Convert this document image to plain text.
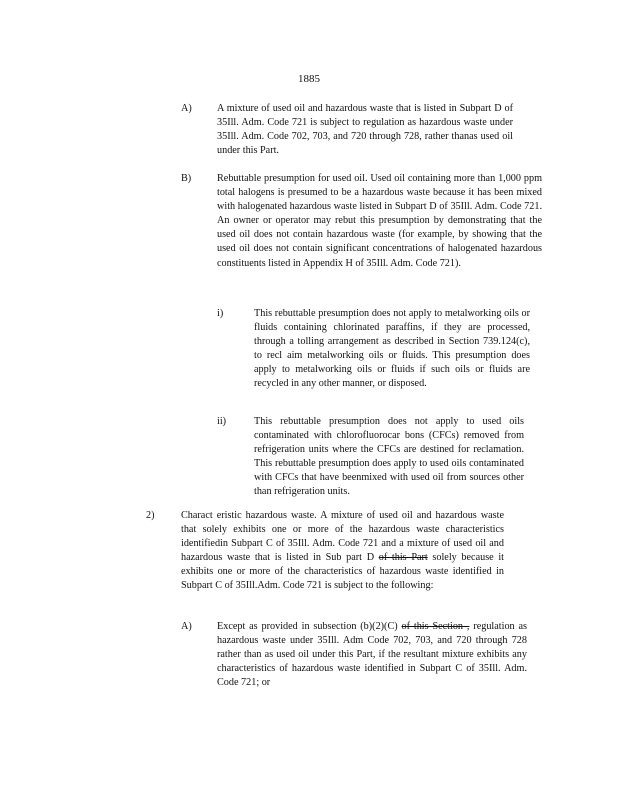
1885
A) A mixture of used oil and hazardous waste that is listed in Subpart D of 35Ill. Adm. Code 721 is subject to regulation as hazardous waste under 35Ill. Adm. Code 702, 703, and 720 through 728, rather thanas used oil under this Part.
B)	Rebuttable presumption for used oil. Used oil containing more than 1,000 ppm total halogens is presumed to be a hazardous waste because it has been mixed with halogenated hazardous waste listed in Subpart D of 35Ill. Adm. Code 721. An owner or operator may rebut this presumption by demonstrating that the used oil does not contain hazardous waste (for example, by showing that the used oil does not contain significant concentrations of halogenated hazardous constituents listed in Appendix H of 35Ill. Adm. Code 721).
i)	This rebuttable presumption does not apply to metalworking oils or fluids containing chlorinated paraffins, if they are processed, through a tolling arrangement as described in Section 739.124(c), to recl aim metalworking oils or fluids. This presumption does apply to metalworking oils or fluids if such oils or fluids are recycled in any other manner, or disposed.
ii)	This rebuttable presumption does not apply to used oils contaminated with chlorofluorocar bons (CFCs) removed from refrigeration units where the CFCs are destined for reclamation. This rebuttable presumption does apply to used oils contaminated with CFCs that have beenmixed with used oil from sources other than refrigeration units.
2)	Charact eristic hazardous waste. A mixture of used oil and hazardous waste that solely exhibits one or more of the hazardous waste characteristics identifiedin Subpart C of 35Ill. Adm. Code 721 and a mixture of used oil and hazardous waste that is listed in Sub part D of this Part solely because it exhibits one or more of the characteristics of hazardous waste identified in Subpart C of 35Ill.Adm. Code 721 is subject to the following:
A) Except as provided in subsection (b)(2)(C) of this Section , regulation as hazardous waste under 35Ill. Adm Code 702, 703, and 720 through 728 rather than as used oil under this Part, if the resultant mixture exhibits any characteristics of hazardous waste identified in Subpart C of 35Ill. Adm. Code 721; or
